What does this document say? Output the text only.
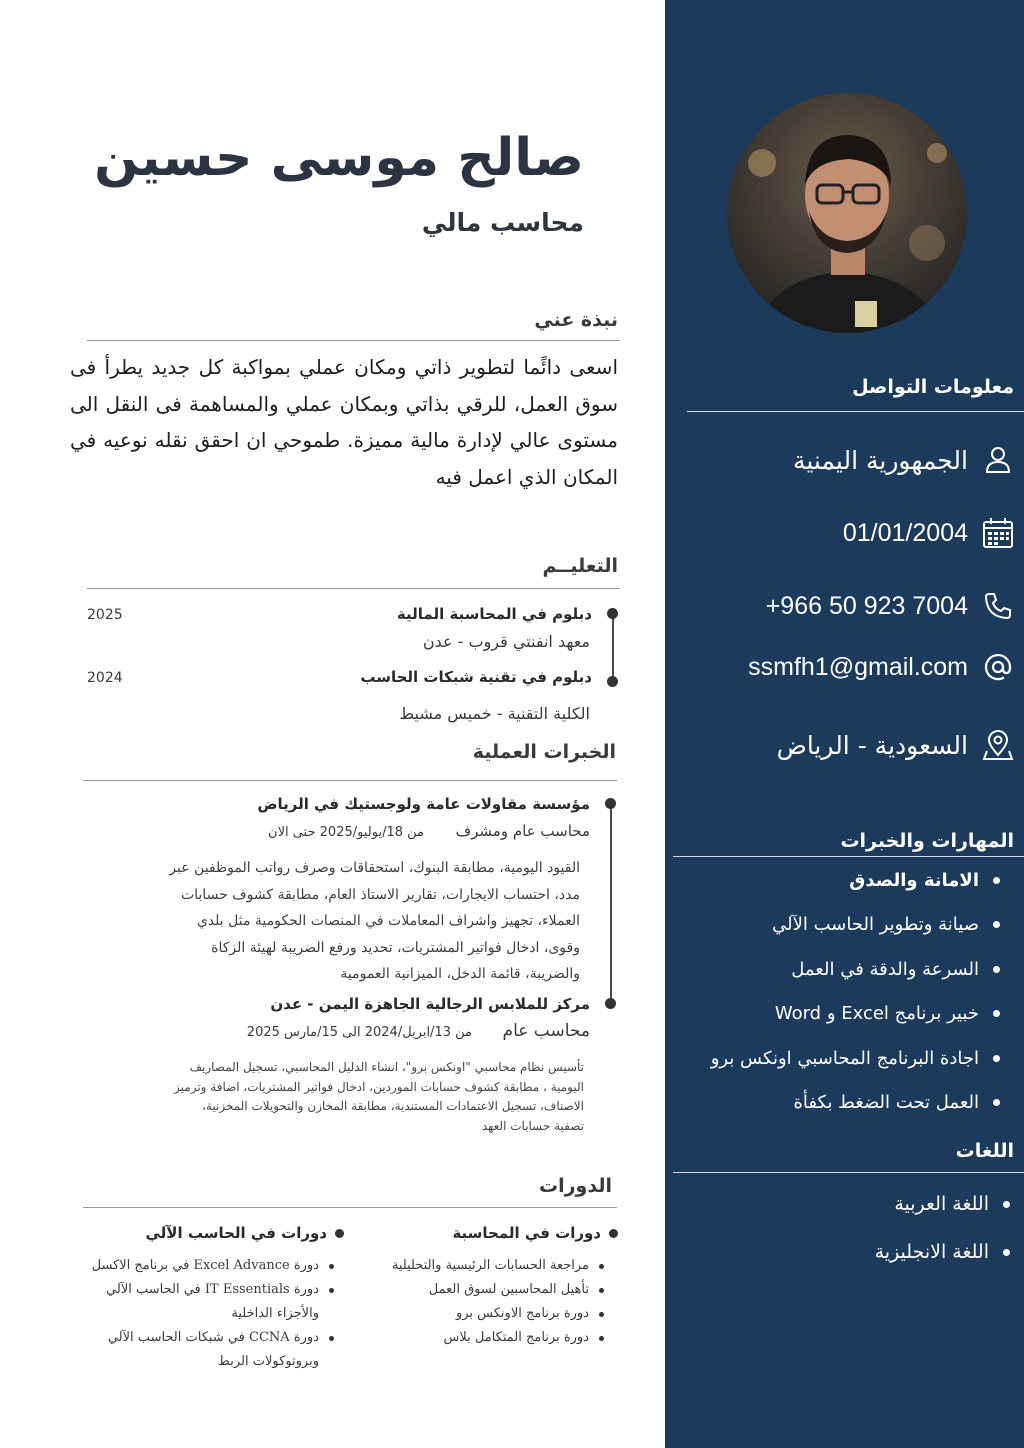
معلومات التواصل
الجمهورية اليمنية
01/01/2004
+966 50 923 7004
ssmfh1@gmail.com
السعودية - الرياض
المهارات والخبرات
الامانة والصدق
صيانة وتطوير الحاسب الآلي
السرعة والدقة في العمل
خبير برنامج Excel و Word
اجادة البرنامج المحاسبي اونكس برو
العمل تحت الضغط بكفأة
اللغات
اللغة العربية
اللغة الانجليزية
صالح موسى حسين
محاسب مالي
نبذة عني

اسعى دائًما لتطوير ذاتي ومكان عملي بمواكبة كل جديد يطرأ فى سوق العمل، للرقي بذاتي وبمكان عملي والمساهمة فى النقل الى مستوى عالي لإدارة مالية مميزة. طموحي ان احقق نقله نوعيه في المكان الذي اعمل فيه

التعليــم
دبلوم في المحاسبة المالية
2025
معهد انفنتي قروب - عدن
دبلوم في تقنية شبكات الحاسب
2024
الكلية التقنية - خميس مشيط
الخبرات العملية
مؤسسة مقاولات عامة ولوجستيك في الرياض
محاسب عام ومشرف
من 18/يوليو/2025 حتى الان
القيود اليومية، مطابقة البنوك، استحقاقات وصرف رواتب الموظفين عبر
مدد، احتساب الايجارات، تقارير الاستاذ العام، مطابقة كشوف حسابات
العملاء، تجهيز واشراف المعاملات في المنصات الحكومية مثل بلدي
وقوى، ادخال فواتير المشتريات، تحديد ورفع الضريبة لهيئة الزكاة
والضريبة، قائمة الدخل، الميزانية العمومية
مركز للملابس الرجالية الجاهزة اليمن - عدن
محاسب عام
من 13/ابريل/2024 الى 15/مارس 2025
تأسيس نظام محاسبي "اونكس برو"، انشاء الدليل المحاسبي، تسجيل المصاريف
اليومية ، مطابقة كشوف حسابات الموردين، ادخال فواتير المشتريات، اضافة وترميز
الاصناف، تسجيل الاعتمادات المستندية، مطابقة المخازن والتحويلات المخزنية،
تصفية حسابات العهد
الدورات
دورات في المحاسبة
مراجعة الحسابات الرئيسية والتحليلية
تأهيل المحاسبين لسوق العمل
دورة برنامج الاونكس برو
دورة برنامج المتكامل بلاس
دورات في الحاسب الآلي
دورة Excel Advance في برنامج الاكسل
دورة IT Essentials في الحاسب الآلي
والأجزاء الداخلية
دورة CCNA في شبكات الحاسب الآلي
وبروتوكولات الربط
